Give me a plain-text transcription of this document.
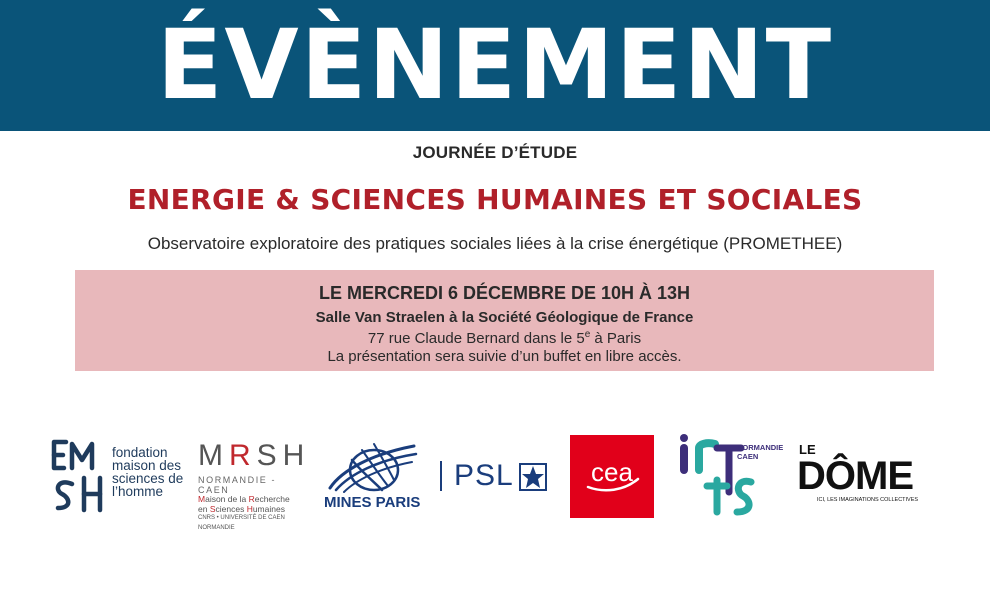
ÉVÈNEMENT
JOURNÉE D’ÉTUDE
ENERGIE & SCIENCES HUMAINES ET SOCIALES
Observatoire exploratoire des pratiques sociales liées à la crise énergétique (PROMETHEE)
LE MERCREDI 6 DÉCEMBRE DE 10H À 13H
Salle Van Straelen à la Société Géologique de France
77 rue Claude Bernard dans le 5e à Paris
La présentation sera suivie d’un buffet en libre accès.
fondation maison des sciences de l’homme
MRSH
NORMANDIE - CAEN
Maison de la Recherche
en Sciences Humaines
CNRS • UNIVERSITÉ DE CAEN NORMANDIE
MINES PARIS
PSL	cea
NORMANDIE
CAEN	LE
DÔME
ICI, LES IMAGINATIONS COLLECTIVES
